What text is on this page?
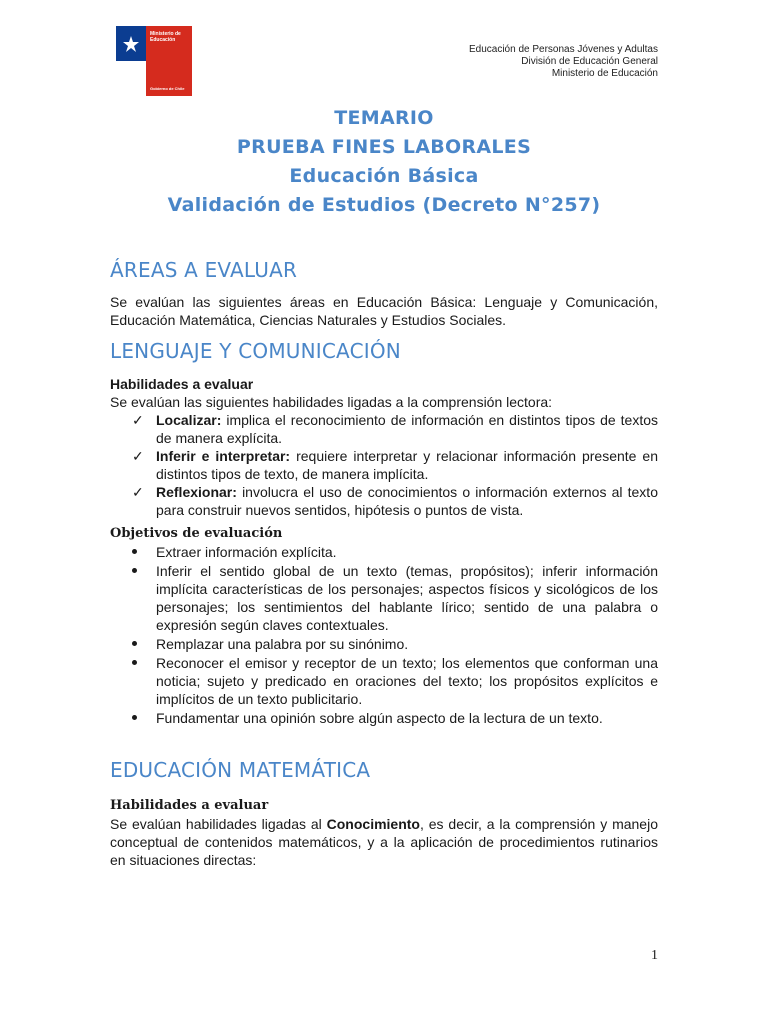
Ministerio de Educación
Gobierno de Chile
Educación de Personas Jóvenes y Adultas
División de Educación General
Ministerio de Educación
TEMARIO
PRUEBA FINES LABORALES
Educación Básica
Validación de Estudios (Decreto N°257)
ÁREAS A EVALUAR
Se evalúan las siguientes áreas en Educación Básica: Lenguaje y Comunicación, Educación Matemática, Ciencias Naturales y Estudios Sociales.
LENGUAJE Y COMUNICACIÓN
Habilidades a evaluar
Se evalúan las siguientes habilidades ligadas a la comprensión lectora:
✓ Localizar: implica el reconocimiento de información en distintos tipos de textos de manera explícita.
✓ Inferir e interpretar: requiere interpretar y relacionar información presente en distintos tipos de texto, de manera implícita.
✓ Reflexionar: involucra el uso de conocimientos o información externos al texto para construir nuevos sentidos, hipótesis o puntos de vista.
Objetivos de evaluación
Extraer información explícita.
Inferir el sentido global de un texto (temas, propósitos); inferir información implícita características de los personajes; aspectos físicos y sicológicos de los personajes; los sentimientos del hablante lírico; sentido de una palabra o expresión según claves contextuales.
Remplazar una palabra por su sinónimo.
Reconocer el emisor y receptor de un texto; los elementos que conforman una noticia; sujeto y predicado en oraciones del texto; los propósitos explícitos e implícitos de un texto publicitario.
Fundamentar una opinión sobre algún aspecto de la lectura de un texto.
EDUCACIÓN MATEMÁTICA
Habilidades a evaluar
Se evalúan habilidades ligadas al Conocimiento, es decir, a la comprensión y manejo conceptual de contenidos matemáticos, y a la aplicación de procedimientos rutinarios en situaciones directas:
1
